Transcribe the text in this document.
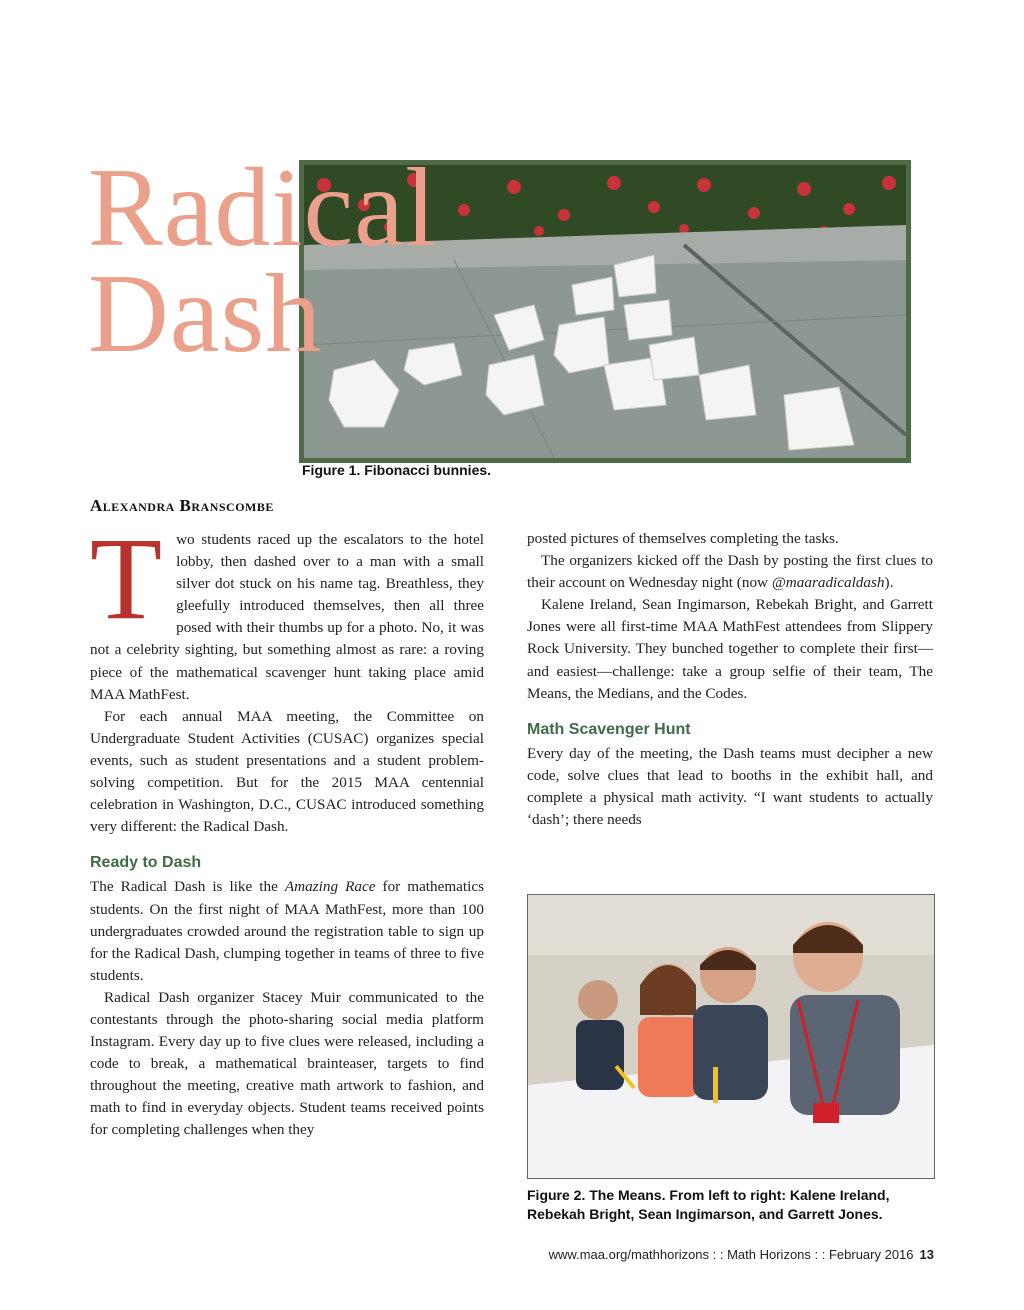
Radical
Dash
Figure 1. Fibonacci bunnies.
Alexandra Branscombe

Two students raced up the escalators to the hotel lobby, then dashed over to a man with a small silver dot stuck on his name tag. Breathless, they gleefully introduced themselves, then all three posed with their thumbs up for a photo. No, it was not a celebrity sighting, but something almost as rare: a roving piece of the mathematical scavenger hunt taking place amid MAA MathFest.

For each annual MAA meeting, the Committee on Undergraduate Student Activities (CUSAC) organizes special events, such as student presentations and a student problem-solving competition. But for the 2015 MAA centennial celebration in Washington, D.C., CUSAC introduced something very different: the Radical Dash.

Ready to Dash

The Radical Dash is like the Amazing Race for mathematics students. On the first night of MAA MathFest, more than 100 undergraduates crowded around the registration table to sign up for the Radical Dash, clumping together in teams of three to five students.

Radical Dash organizer Stacey Muir communicated to the contestants through the photo-sharing social media platform Instagram. Every day up to five clues were released, including a code to break, a mathematical brainteaser, targets to find throughout the meeting, creative math artwork to fashion, and math to find in everyday objects. Student teams received points for completing challenges when they

posted pictures of themselves completing the tasks.

The organizers kicked off the Dash by posting the first clues to their account on Wednesday night (now @maaradicaldash).

Kalene Ireland, Sean Ingimarson, Rebekah Bright, and Garrett Jones were all first-time MAA MathFest attendees from Slippery Rock University. They bunched together to complete their first—and easiest—challenge: take a group selfie of their team, The Means, the Medians, and the Codes.

Math Scavenger Hunt

Every day of the meeting, the Dash teams must decipher a new code, solve clues that lead to booths in the exhibit hall, and complete a physical math activity. “I want students to actually ‘dash’; there needs

Figure 2. The Means. From left to right: Kalene Ireland, Rebekah Bright, Sean Ingimarson, and Garrett Jones.
www.maa.org/mathhorizons : : Math Horizons : : February 2016 13
